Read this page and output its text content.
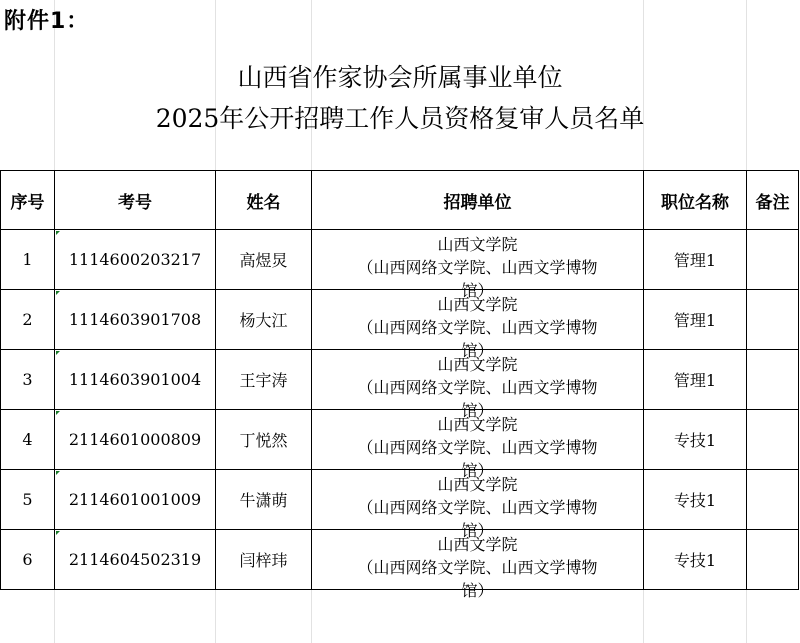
附件1：
山西省作家协会所属事业单位
2025年公开招聘工作人员资格复审人员名单
序号	考号	姓名	招聘单位	职位名称	备注
1	1114600203217	高煜炅	山西文学院
（山西网络文学院、山西文学博物
馆）	管理1	
2	1114603901708	杨大江	山西文学院
（山西网络文学院、山西文学博物
馆）	管理1	
3	1114603901004	王宇涛	山西文学院
（山西网络文学院、山西文学博物
馆）	管理1	
4	2114601000809	丁悦然	山西文学院
（山西网络文学院、山西文学博物
馆）	专技1	
5	2114601001009	牛潇萌	山西文学院
（山西网络文学院、山西文学博物
馆）	专技1	
6	2114604502319	闫梓玮	山西文学院
（山西网络文学院、山西文学博物
馆）	专技1	
